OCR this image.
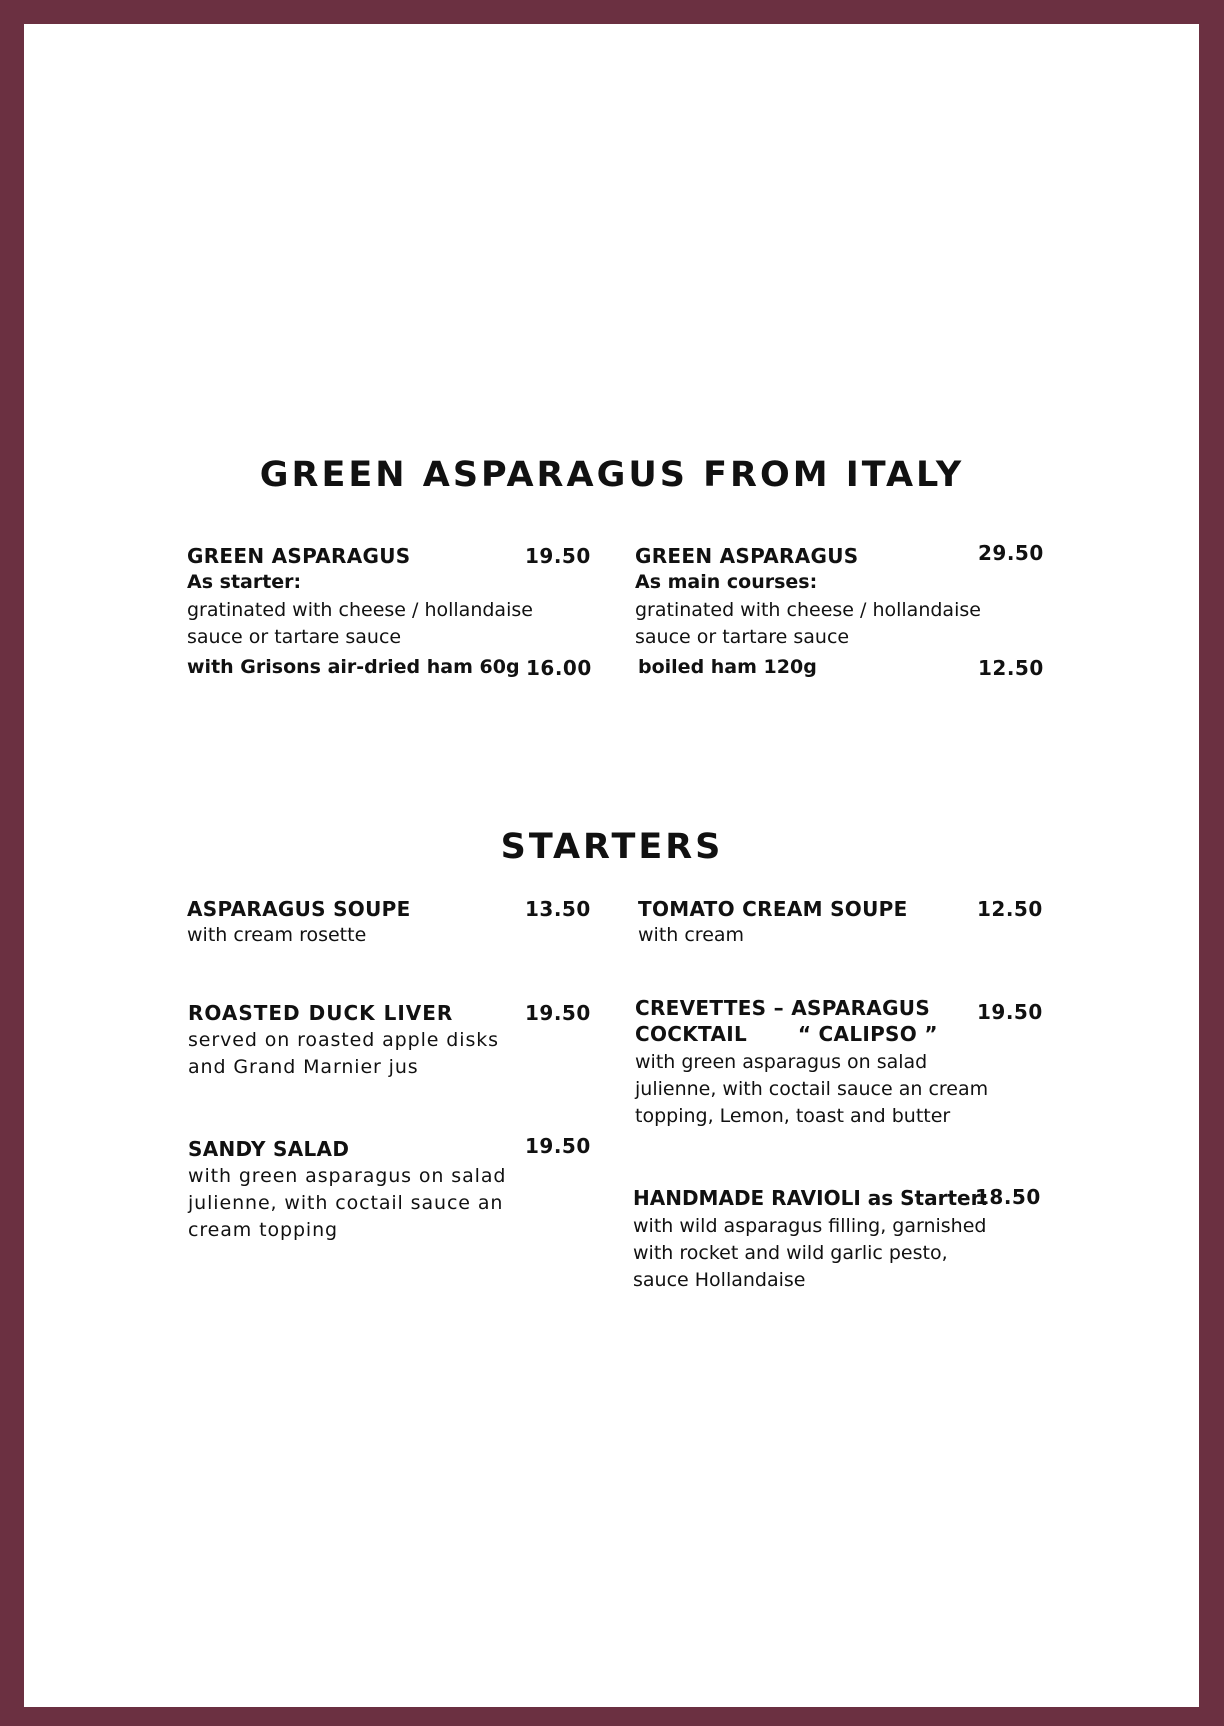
GREEN ASPARAGUS FROM ITALY
GREEN ASPARAGUS	19.50
As starter:
gratinated with cheese / hollandaise
sauce or tartare sauce
with Grisons air-dried ham 60g 16.00
GREEN ASPARAGUS	29.50
As main courses:
gratinated with cheese / hollandaise
sauce or tartare sauce
boiled ham 120g	12.50
STARTERS
ASPARAGUS SOUPE	13.50
with cream rosette
TOMATO CREAM SOUPE	12.50
with cream
ROASTED DUCK LIVER	19.50
served on roasted apple disks
and Grand Marnier jus
CREVETTES – ASPARAGUS
COCKTAIL       “ CALIPSO ”
19.50
with green asparagus on salad
julienne, with coctail sauce an cream
topping, Lemon, toast and butter
SANDY SALAD	19.50
with green asparagus on salad
julienne, with coctail sauce an
cream topping
HANDMADE RAVIOLI as Starter:
18.50
with wild asparagus filling, garnished
with rocket and wild garlic pesto,
sauce Hollandaise
